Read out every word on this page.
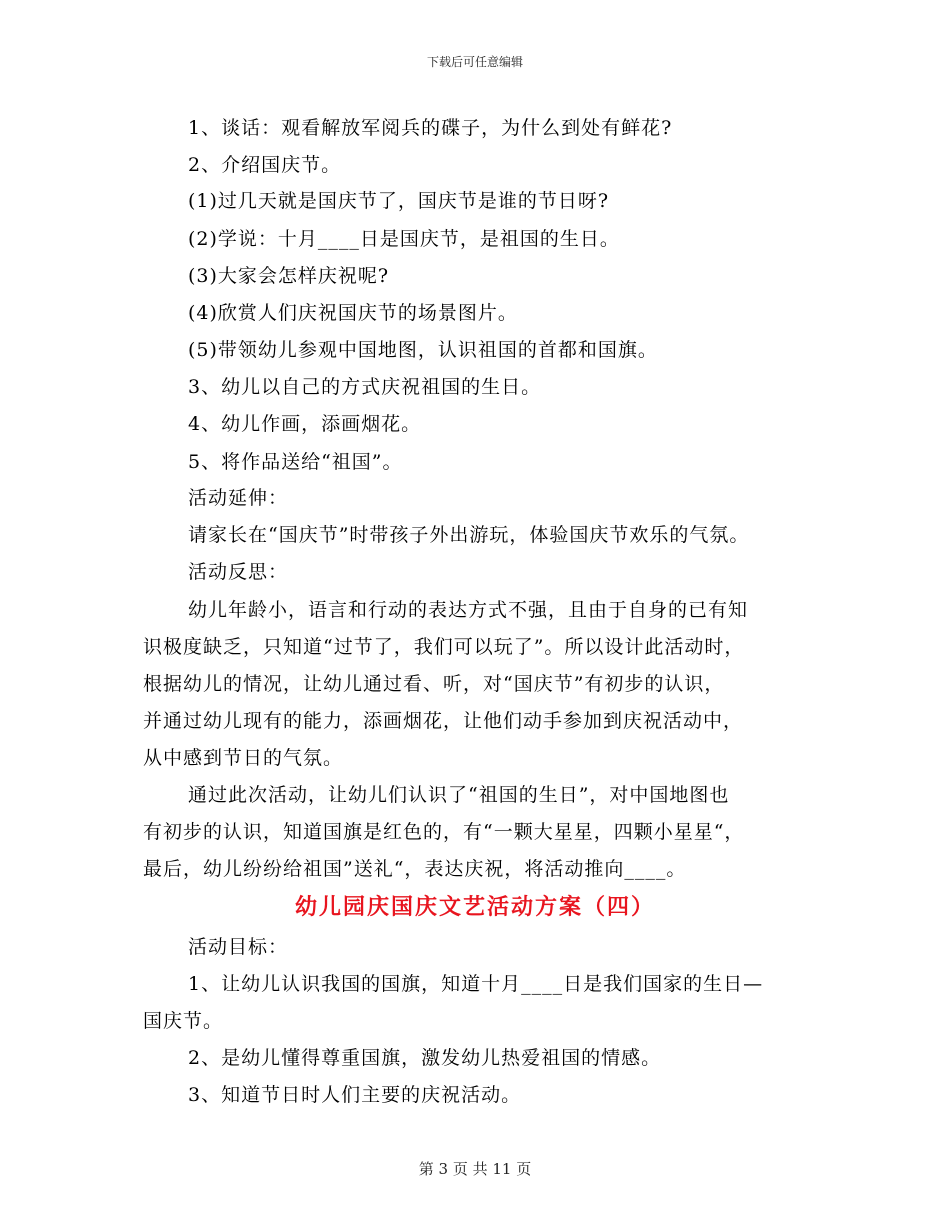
下载后可任意编辑
1、谈话：观看解放军阅兵的碟子，为什么到处有鲜花?
2、介绍国庆节。
(1)过几天就是国庆节了，国庆节是谁的节日呀?
(2)学说：十月____日是国庆节，是祖国的生日。
(3)大家会怎样庆祝呢?
(4)欣赏人们庆祝国庆节的场景图片。
(5)带领幼儿参观中国地图，认识祖国的首都和国旗。
3、幼儿以自己的方式庆祝祖国的生日。
4、幼儿作画，添画烟花。
5、将作品送给“祖国”。
活动延伸：
请家长在“国庆节”时带孩子外出游玩，体验国庆节欢乐的气氛。
活动反思：
幼儿年龄小，语言和行动的表达方式不强，且由于自身的已有知
识极度缺乏，只知道“过节了，我们可以玩了”。所以设计此活动时，
根据幼儿的情况，让幼儿通过看、听，对“国庆节”有初步的认识，
并通过幼儿现有的能力，添画烟花，让他们动手参加到庆祝活动中，
从中感到节日的气氛。
通过此次活动，让幼儿们认识了“祖国的生日”，对中国地图也
有初步的认识，知道国旗是红色的，有“一颗大星星，四颗小星星“，
最后，幼儿纷纷给祖国”送礼“，表达庆祝，将活动推向____。
幼儿园庆国庆文艺活动方案（四）
活动目标：
1、让幼儿认识我国的国旗，知道十月____日是我们国家的生日—
国庆节。
2、是幼儿懂得尊重国旗，激发幼儿热爱祖国的情感。
3、知道节日时人们主要的庆祝活动。
第 3 页 共 11 页
